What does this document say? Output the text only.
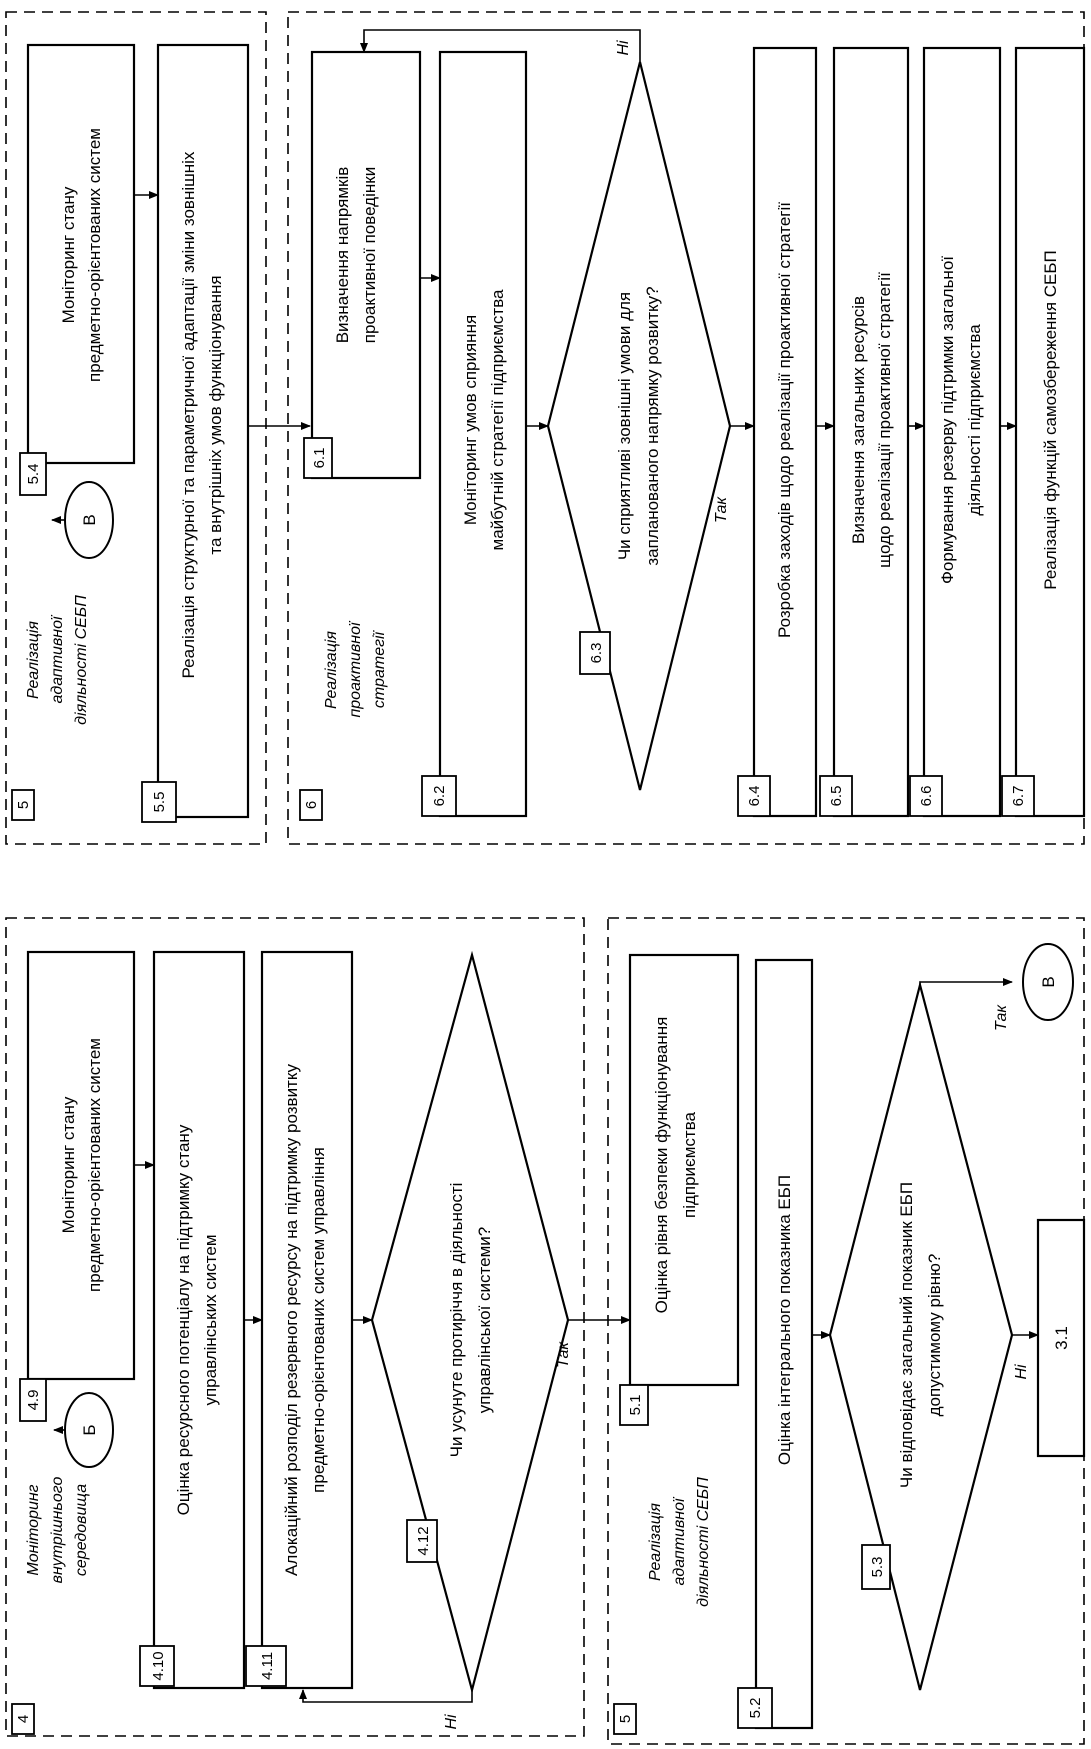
4
Моніторинг внутрішнього середовища
Б
4.9
Моніторинг стану предметно-орієнтованих систем
4.10
Оцінка ресурсного потенціалу на підтримку стану управлінських систем
4.11
Алокаційний розподіл резервного ресурсу на підтримку розвитку предметно-орієнтованих систем управління
4.12
Чи усунуте протиріччя в діяльності управлінської системи?
Ні
Так
5
Реалізація адаптивної діяльності СЕБП
5.1
Оцінка рівня безпеки функціонування підприємства
5.2
Оцінка інтегрального показника ЕБП
5.3
Чи відповідає загальний показник ЕБП допустимому рівню?
Так
В
Ні
3.1
5
Реалізація адаптивної діяльності СЕБП
В
5.4
Моніторинг стану предметно-орієнтованих систем
5.5
Реалізація структурної та параметричної адаптації зміни зовнішніх та внутрішніх умов функціонування
6
Реалізація проактивної стратегії
6.1
Визначення напрямків проактивної поведінки
6.2
Моніторинг умов сприяння майбутній стратегії підприємства
6.3
Чи сприятливі зовнішні умови для запланованого напрямку розвитку?
Ні
Так
6.4
Розробка заходів щодо реалізації проактивної стратегії
6.5
Визначення загальних ресурсів щодо реалізації проактивної стратегії
6.6
Формування резерву підтримки загальної діяльності підприємства
6.7
Реалізація функцій самозбереження СЕБП
